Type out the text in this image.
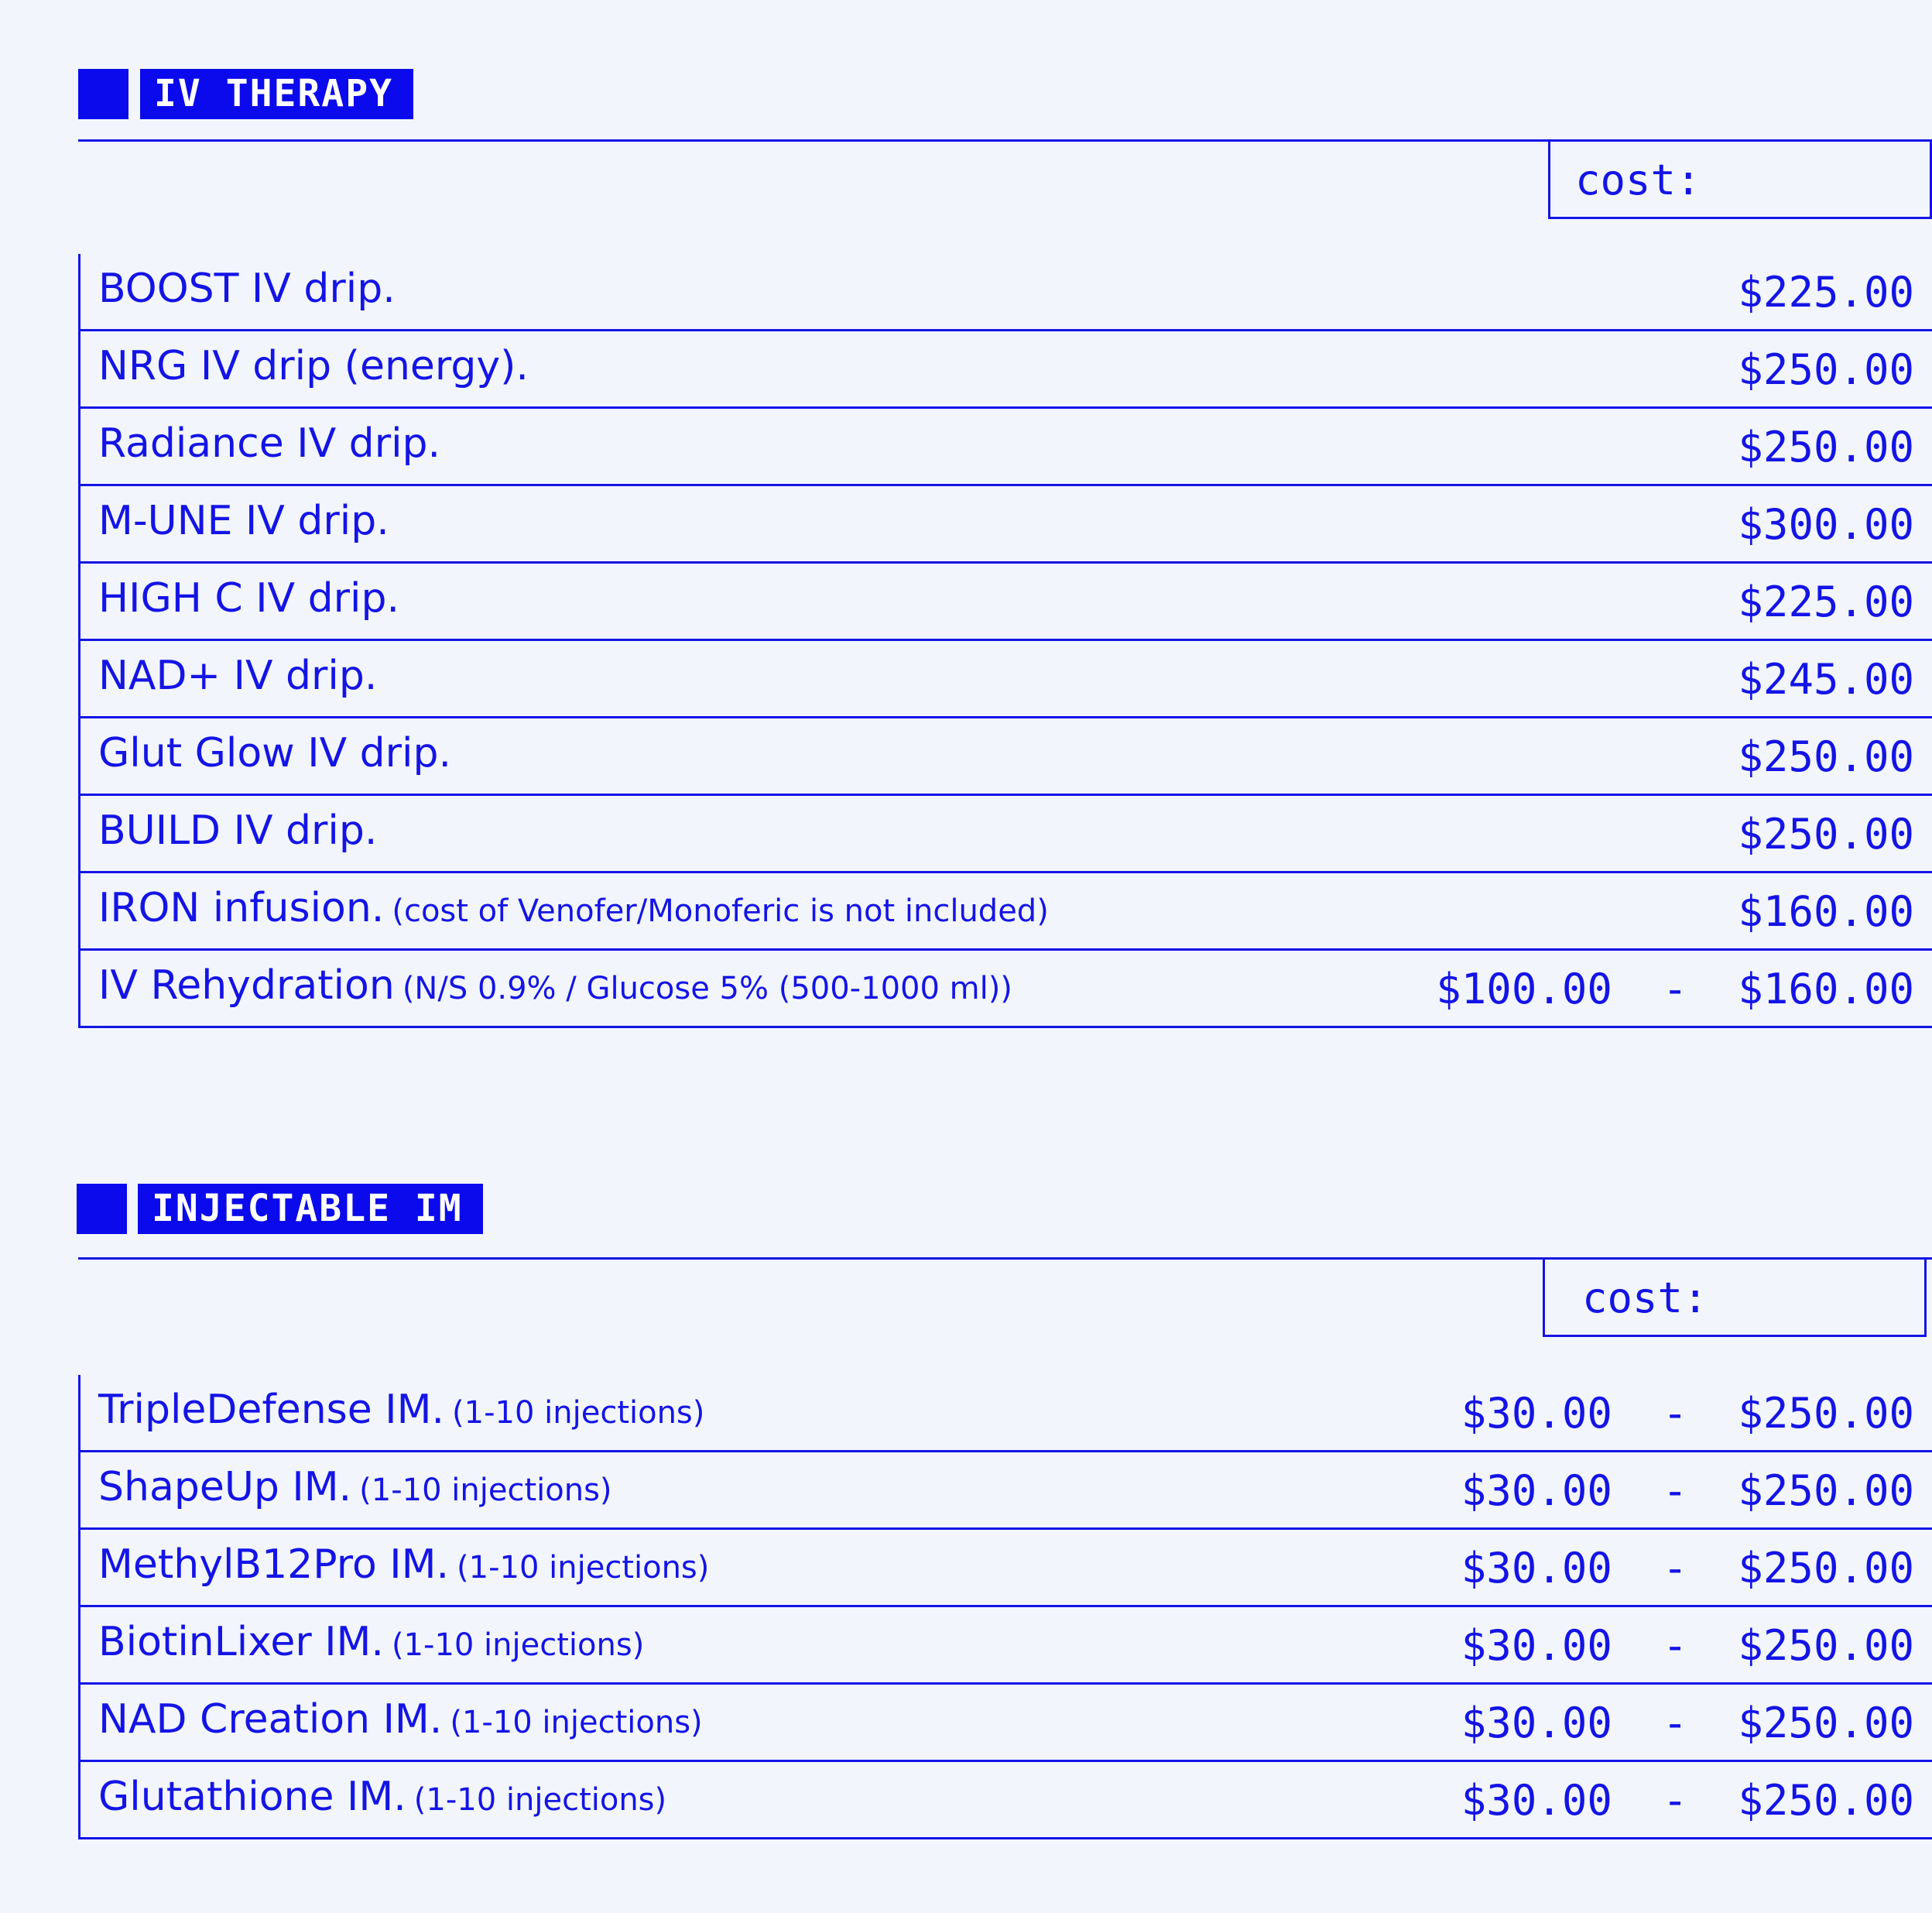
IV THERAPY
cost:
BOOST IV drip.	$225.00
NRG IV drip (energy).	$250.00
Radiance IV drip.	$250.00
M-UNE IV drip.	$300.00
HIGH C IV drip.	$225.00
NAD+ IV drip.	$245.00
Glut Glow IV drip.	$250.00
BUILD IV drip.	$250.00
IRON infusion. (cost of Venofer/Monoferic is not included)	$160.00
IV Rehydration (N/S 0.9% / Glucose 5% (500-1000 ml))	$100.00  -  $160.00
INJECTABLE IM
cost:
TripleDefense IM. (1-10 injections)	$30.00  -  $250.00
ShapeUp IM. (1-10 injections)	$30.00  -  $250.00
MethylB12Pro IM. (1-10 injections)	$30.00  -  $250.00
BiotinLixer IM. (1-10 injections)	$30.00  -  $250.00
NAD Creation IM. (1-10 injections)	$30.00  -  $250.00
Glutathione IM. (1-10 injections)	$30.00  -  $250.00
